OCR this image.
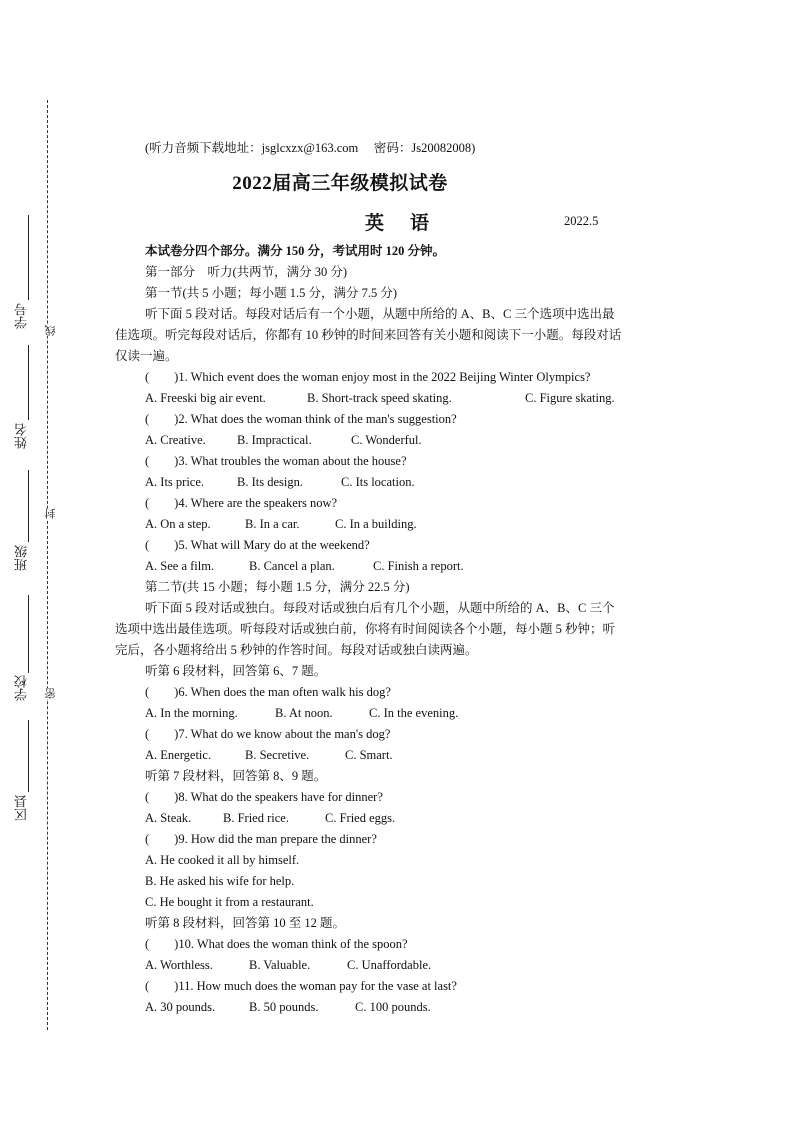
学号
姓名
班级
学校
区县
线
封
密
(听力音频下载地址：jsglcxzx@163.com　 密码：Js20082008)
2022届高三年级模拟试卷
英语	2022.5
本试卷分四个部分。满分 150 分，考试用时 120 分钟。
第一部分　听力(共两节，满分 30 分)
第一节(共 5 小题；每小题 1.5 分，满分 7.5 分)
听下面 5 段对话。每段对话后有一个小题，从题中所给的 A、B、C 三个选项中选出最
佳选项。听完每段对话后，你都有 10 秒钟的时间来回答有关小题和阅读下一小题。每段对话
仅读一遍。
(　　)1. Which event does the woman enjoy most in the 2022 Beijing Winter Olympics?
A. Freeski big air event.	B. Short-track speed skating.	C. Figure skating.
(　　)2. What does the woman think of the man's suggestion?
A. Creative.	B. Impractical.	C. Wonderful.
(　　)3. What troubles the woman about the house?
A. Its price.	B. Its design.	C. Its location.
(　　)4. Where are the speakers now?
A. On a step.	B. In a car.	C. In a building.
(　　)5. What will Mary do at the weekend?
A. See a film.	B. Cancel a plan.	C. Finish a report.
第二节(共 15 小题；每小题 1.5 分，满分 22.5 分)
听下面 5 段对话或独白。每段对话或独白后有几个小题，从题中所给的 A、B、C 三个
选项中选出最佳选项。听每段对话或独白前，你将有时间阅读各个小题，每小题 5 秒钟；听
完后，各小题将给出 5 秒钟的作答时间。每段对话或独白读两遍。
听第 6 段材料，回答第 6、7 题。
(　　)6. When does the man often walk his dog?
A. In the morning.	B. At noon.	C. In the evening.
(　　)7. What do we know about the man's dog?
A. Energetic.	B. Secretive.	C. Smart.
听第 7 段材料，回答第 8、9 题。
(　　)8. What do the speakers have for dinner?
A. Steak.	B. Fried rice.	C. Fried eggs.
(　　)9. How did the man prepare the dinner?
A. He cooked it all by himself.
B. He asked his wife for help.
C. He bought it from a restaurant.
听第 8 段材料，回答第 10 至 12 题。
(　　)10. What does the woman think of the spoon?
A. Worthless.	B. Valuable.	C. Unaffordable.
(　　)11. How much does the woman pay for the vase at last?
A. 30 pounds.	B. 50 pounds.	C. 100 pounds.
